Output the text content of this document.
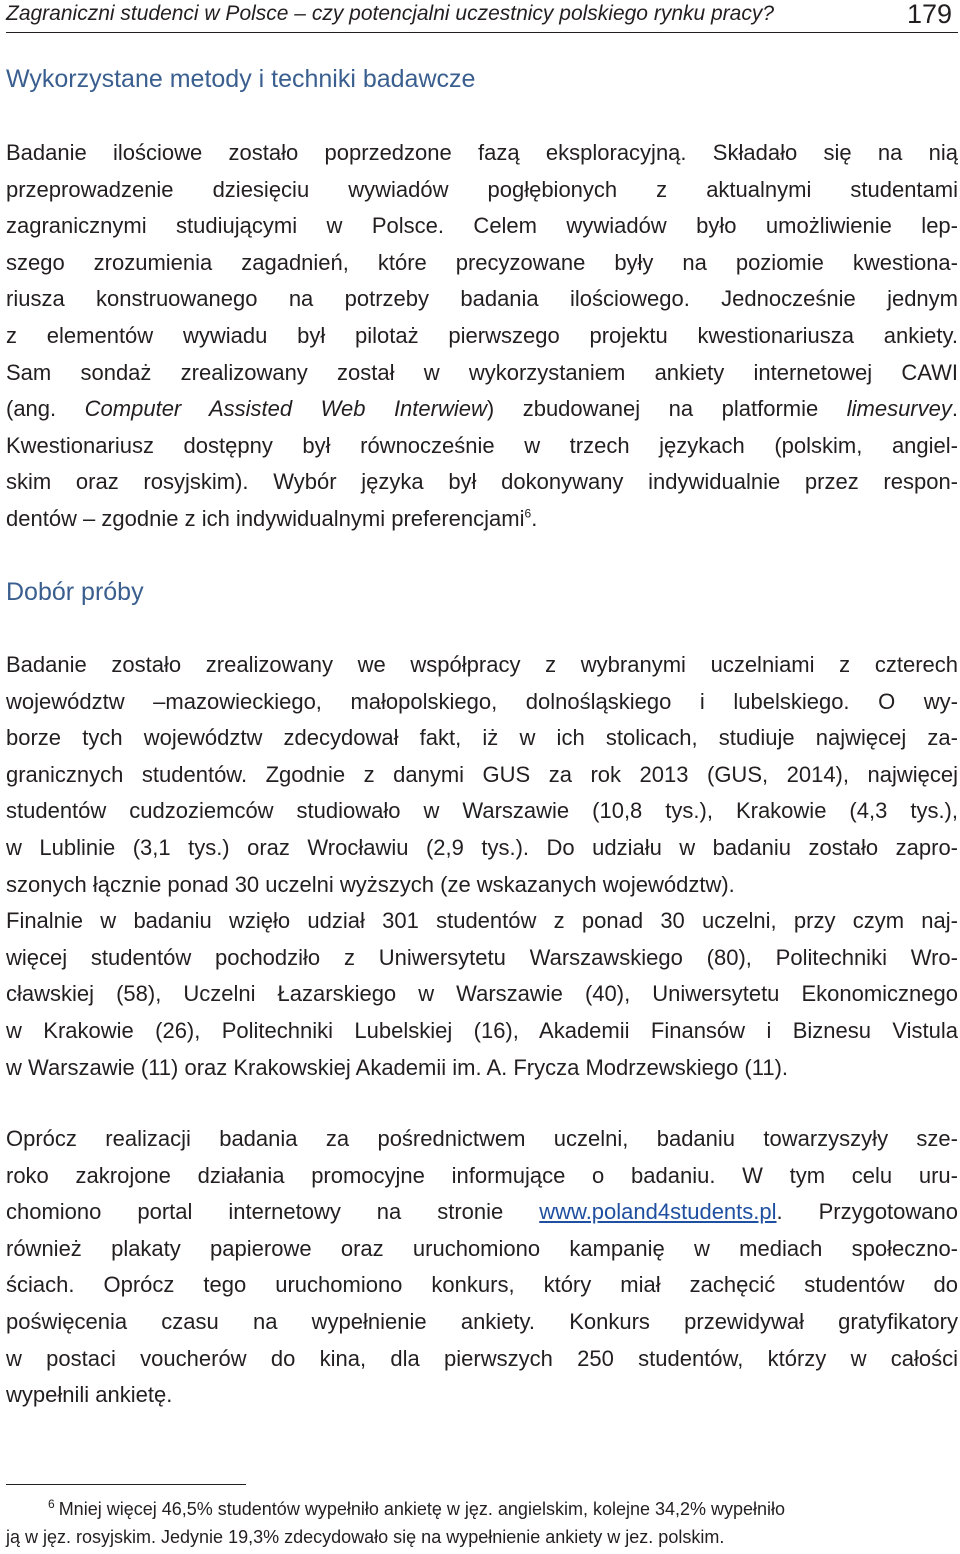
Zagraniczni studenci w Polsce – czy potencjalni uczestnicy polskiego rynku pracy?	179
Wykorzystane metody i techniki badawcze
Badanie ilościowe zostało poprzedzone fazą eksploracyjną. Składało się na nią
przeprowadzenie dziesięciu wywiadów pogłębionych z aktualnymi studentami
zagranicznymi studiującymi w Polsce. Celem wywiadów było umożliwienie lep-
szego zrozumienia zagadnień, które precyzowane były na poziomie kwestiona-
riusza konstruowanego na potrzeby badania ilościowego. Jednocześnie jednym
z elementów wywiadu był pilotaż pierwszego projektu kwestionariusza ankiety.
Sam sondaż zrealizowany został w wykorzystaniem ankiety internetowej CAWI
(ang. Computer Assisted Web Interwiew) zbudowanej na platformie limesurvey.
Kwestionariusz dostępny był równocześnie w trzech językach (polskim, angiel-
skim oraz rosyjskim). Wybór języka był dokonywany indywidualnie przez respon-
dentów – zgodnie z ich indywidualnymi preferencjami$^6$.
Dobór próby
Badanie zostało zrealizowany we współpracy z wybranymi uczelniami z czterech
województw –mazowieckiego, małopolskiego, dolnośląskiego i lubelskiego. O wy-
borze tych województw zdecydował fakt, iż w ich stolicach, studiuje najwięcej za-
granicznych studentów. Zgodnie z danymi GUS za rok 2013 (GUS, 2014), najwięcej
studentów cudzoziemców studiowało w Warszawie (10,8 tys.), Krakowie (4,3 tys.),
w Lublinie (3,1 tys.) oraz Wrocławiu (2,9 tys.). Do udziału w badaniu zostało zapro-
szonych łącznie ponad 30 uczelni wyższych (ze wskazanych województw).
Finalnie w badaniu wzięło udział 301 studentów z ponad 30 uczelni, przy czym naj-
więcej studentów pochodziło z Uniwersytetu Warszawskiego (80), Politechniki Wro-
cławskiej (58), Uczelni Łazarskiego w Warszawie (40), Uniwersytetu Ekonomicznego
w Krakowie (26), Politechniki Lubelskiej (16), Akademii Finansów i Biznesu Vistula
w Warszawie (11) oraz Krakowskiej Akademii im. A. Frycza Modrzewskiego (11).
Oprócz realizacji badania za pośrednictwem uczelni, badaniu towarzyszyły sze-
roko zakrojone działania promocyjne informujące o badaniu. W tym celu uru-
chomiono portal internetowy na stronie www.poland4students.pl. Przygotowano
również plakaty papierowe oraz uruchomiono kampanię w mediach społeczno-
ściach. Oprócz tego uruchomiono konkurs, który miał zachęcić studentów do
poświęcenia czasu na wypełnienie ankiety. Konkurs przewidywał gratyfikatory
w postaci voucherów do kina, dla pierwszych 250 studentów, którzy w całości
wypełnili ankietę.
$^6$ Mniej więcej 46,5% studentów wypełniło ankietę w jęz. angielskim, kolejne 34,2% wypełniło
ją w jęz. rosyjskim. Jedynie 19,3% zdecydowało się na wypełnienie ankiety w jez. polskim.
